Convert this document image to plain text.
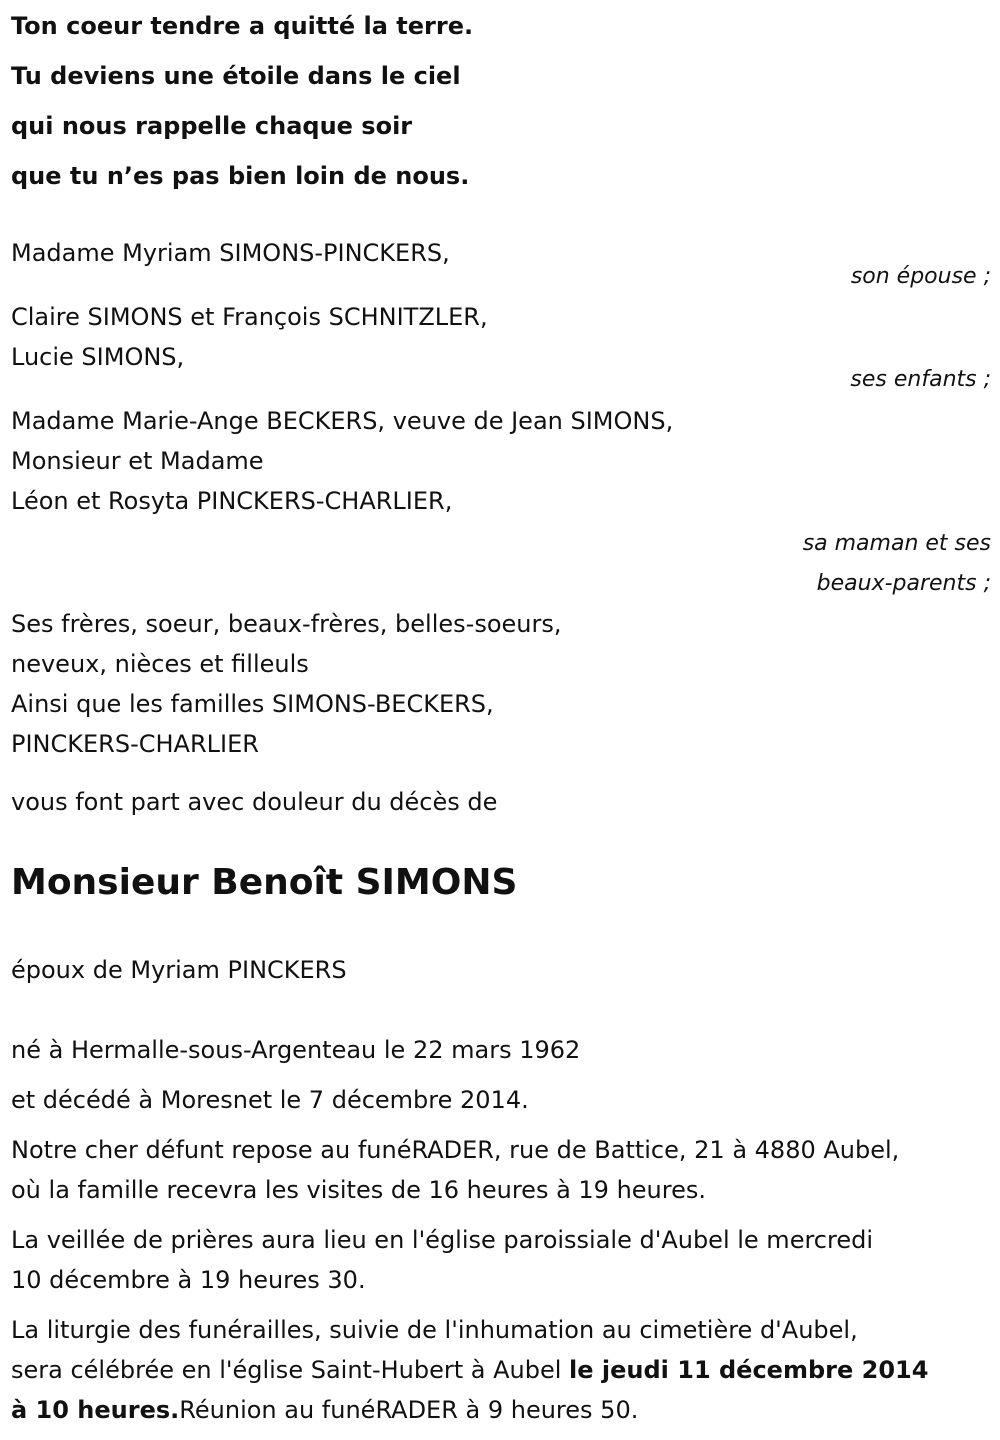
Ton coeur tendre a quitté la terre.

Tu deviens une étoile dans le ciel

qui nous rappelle chaque soir

que tu n’es pas bien loin de nous.

Madame Myriam SIMONS-PINCKERS,

son épouse ;

Claire SIMONS et François SCHNITZLER,

Lucie SIMONS,

ses enfants ;

Madame Marie-Ange BECKERS, veuve de Jean SIMONS,

Monsieur et Madame

Léon et Rosyta PINCKERS-CHARLIER,

sa maman et ses

beaux-parents ;

Ses frères, soeur, beaux-frères, belles-soeurs,

neveux, nièces et filleuls

Ainsi que les familles SIMONS-BECKERS,

PINCKERS-CHARLIER

vous font part avec douleur du décès de

Monsieur Benoît SIMONS

époux de Myriam PINCKERS

né à Hermalle-sous-Argenteau le 22 mars 1962

et décédé à Moresnet le 7 décembre 2014.

Notre cher défunt repose au funéRADER, rue de Battice, 21 à 4880 Aubel,

où la famille recevra les visites de 16 heures à 19 heures.

La veillée de prières aura lieu en l'église paroissiale d'Aubel le mercredi

10 décembre à 19 heures 30.

La liturgie des funérailles, suivie de l'inhumation au cimetière d'Aubel,

sera célébrée en l'église Saint-Hubert à Aubel le jeudi 11 décembre 2014

à 10 heures.Réunion au funéRADER à 9 heures 50.
